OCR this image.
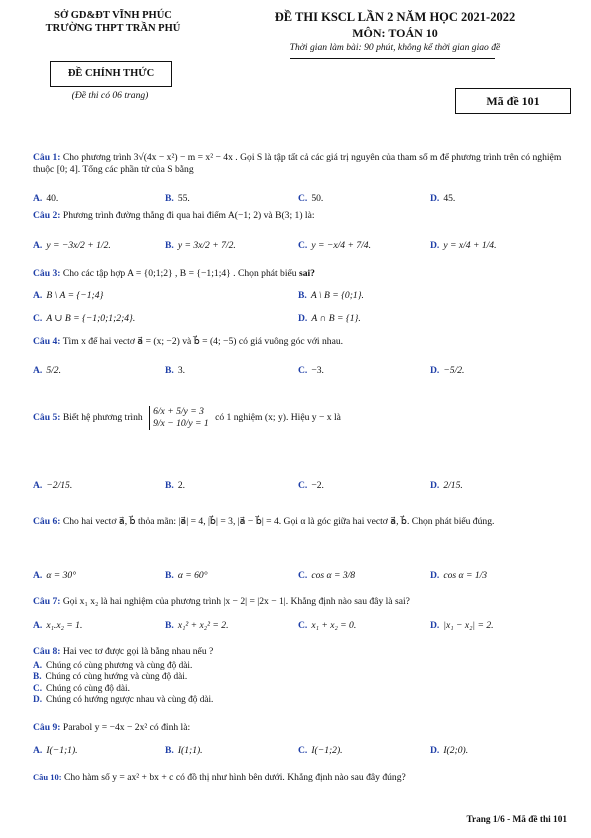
SỞ GD&ĐT VĨNH PHÚC
TRƯỜNG THPT TRẦN PHÚ
ĐỀ CHÍNH THỨC
(Đề thi có 06 trang)
ĐỀ THI KSCL LẦN 2 NĂM HỌC 2021-2022
MÔN: TOÁN 10
Thời gian làm bài: 90 phút, không kể thời gian giao đề
Mã đề 101
Câu 1: Cho phương trình 3√(4x − x²) − m = x² − 4x . Gọi S là tập tất cả các giá trị nguyên của tham số m để phương trình trên có nghiệm thuộc [0; 4]. Tổng các phần tử của S bằng
A. 40.	B. 55.	C. 50.	D. 45.
Câu 2: Phương trình đường thẳng đi qua hai điểm A(−1; 2) và B(3; 1) là:
A. y = −3x/2 + 1/2.	B. y = 3x/2 + 7/2.	C. y = −x/4 + 7/4.	D. y = x/4 + 1/4.
Câu 3: Cho các tập hợp A = {0;1;2} , B = {−1;1;4} . Chọn phát biểu sai?
A. B \ A = {−1;4}	B. A \ B = {0;1}.
C. A ∪ B = {−1;0;1;2;4}.	D. A ∩ B = {1}.
Câu 4: Tìm x để hai vectơ a⃗ = (x; −2) và b⃗ = (4; −5) có giá vuông góc với nhau.
A. 5/2.	B. 3.	C. −3.	D. −5/2.
Câu 5: Biết hệ phương trình
6/x + 5/y = 3
9/x − 10/y = 1
có 1 nghiệm (x; y). Hiệu y − x là
A. −2/15.	B. 2.	C. −2.	D. 2/15.
Câu 6: Cho hai vectơ a⃗, b⃗ thỏa mãn: |a⃗| = 4, |b⃗| = 3, |a⃗ − b⃗| = 4. Gọi α là góc giữa hai vectơ a⃗, b⃗. Chọn phát biểu đúng.
A. α = 30°	B. α = 60°	C. cos α = 3/8	D. cos α = 1/3
Câu 7: Gọi x₁ x₂ là hai nghiệm của phương trình |x − 2| = |2x − 1|. Khẳng định nào sau đây là sai?
A. x₁.x₂ = 1.	B. x₁² + x₂² = 2.	C. x₁ + x₂ = 0.	D. |x₁ − x₂| = 2.
Câu 8: Hai vec tơ được gọi là bằng nhau nếu ?
A. Chúng có cùng phương và cùng độ dài.
B. Chúng có cùng hướng và cùng độ dài.
C. Chúng có cùng độ dài.
D. Chúng có hướng ngược nhau và cùng độ dài.
Câu 9: Parabol y = −4x − 2x² có đỉnh là:
A. I(−1;1).	B. I(1;1).	C. I(−1;2).	D. I(2;0).
Câu 10: Cho hàm số y = ax² + bx + c có đồ thị như hình bên dưới. Khẳng định nào sau đây đúng?
Trang 1/6 - Mã đề thi 101
